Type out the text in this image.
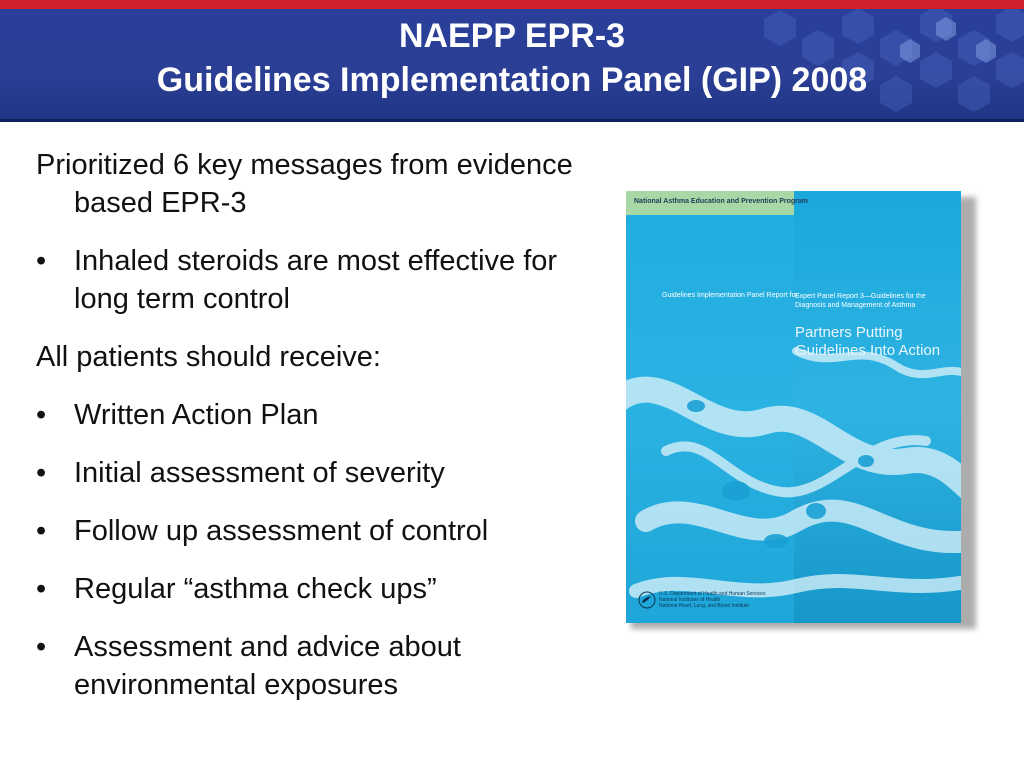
NAEPP EPR-3
Guidelines Implementation Panel (GIP) 2008

Prioritized 6 key messages from evidence based EPR-3

• Inhaled steroids are most effective for long term control

All patients should receive:

• Written Action Plan
• Initial assessment of severity
• Follow up assessment of control
• Regular “asthma check ups”
• Assessment and advice about environmental exposures
National Asthma Education and Prevention Program
Guidelines Implementation Panel Report for:
Expert Panel Report 3—Guidelines for the Diagnosis and Management of Asthma
Partners Putting Guidelines Into Action
U.S. Department of Health and Human Services
National Institutes of Health
National Heart, Lung, and Blood Institute
